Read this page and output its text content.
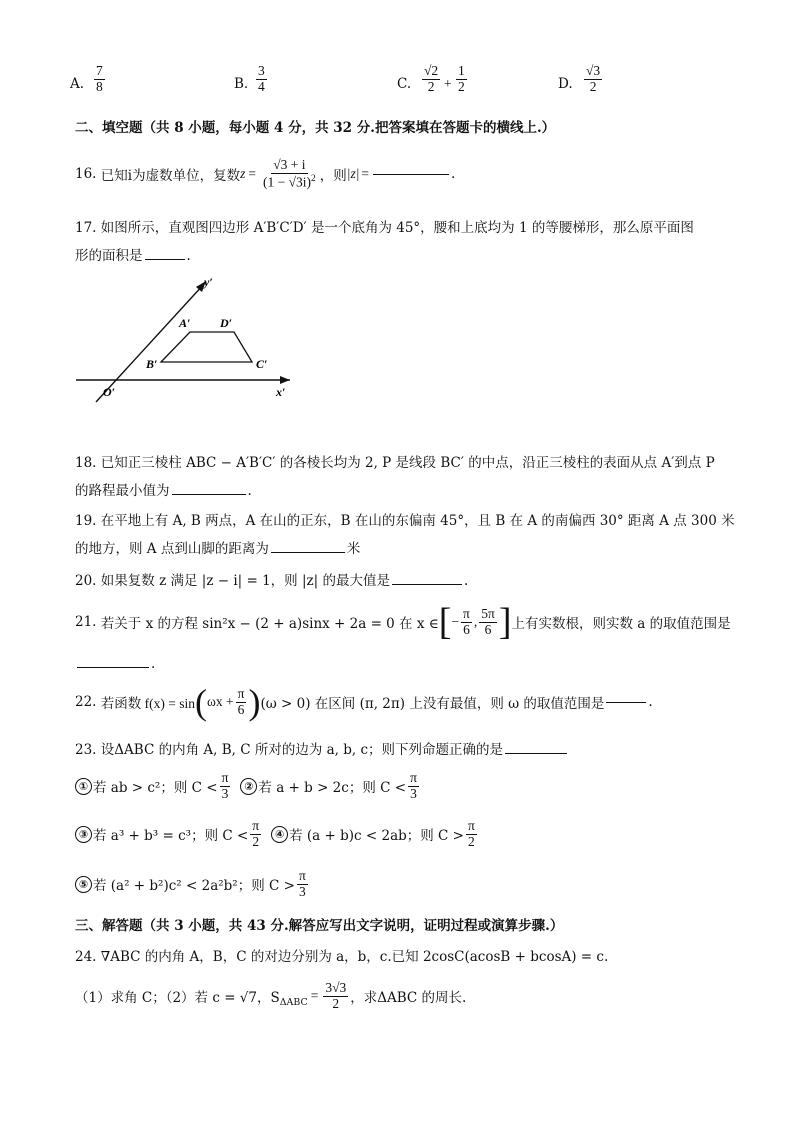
A. $\frac{7}{8}$	B. $\frac{3}{4}$	C. $\frac{√2}{2} + \frac{1}{2}$	D. $\frac{√3}{2}$
二、填空题（共 8 小题，每小题 4 分，共 32 分.把答案填在答题卡的横线上.）
16.
已知i为虚数单位，复数 $z = \frac{√3 + i}{(1 - √3i)^2}$ ，则 |z| =	.
17. 如图所示，直观图四边形 A′B′C′D′ 是一个底角为 45°，腰和上底均为 1 的等腰梯形，那么原平面图
形的面积是	.
y′
x′
O′
A′
B′	C′
D′
18. 已知正三棱柱 ABC − A′B′C′ 的各棱长均为 2, P 是线段 BC′ 的中点，沿正三棱柱的表面从点 A′到点 P
的路程最小值为	.
19. 在平地上有 A, B 两点，A 在山的正东，B 在山的东偏南 45°，且 B 在 A 的南偏西 30° 距离 A 点 300 米
的地方，则 A 点到山脚的距离为	米
20. 如果复数 z 满足 |z − i| = 1，则 |z| 的最大值是	.
21.
若关于 x 的方程 sin²x − (2 + a)sinx + 2a = 0 在 x ∈ [ − $\frac{\pi}{6}$ , $\frac{5\pi}{6}$ ] 上有实数根，则实数 a 的取值范围是
.
22.
若函数 f(x) = sin ( $\omega x + \frac{\pi}{6}$ ) (ω > 0) 在区间 (π, 2π) 上没有最值，则 ω 的取值范围是	.
23. 设ΔABC 的内角 A, B, C 所对的边为 a, b, c；则下列命题正确的是
① 若 ab > c²；则 $C < \frac{\pi}{3}$	② 若 a + b > 2c；则 $C < \frac{\pi}{3}$
③ 若 a³ + b³ = c³；则 $C < \frac{\pi}{2}$	④ 若 (a + b)c < 2ab；则 $C > \frac{\pi}{2}$
⑤ 若 (a² + b²)c² < 2a²b²；则 $C > \frac{\pi}{3}$
三、解答题（共 3 小题，共 43 分.解答应写出文字说明，证明过程或演算步骤.）
24. ∇ABC 的内角 A，B，C 的对边分别为 a，b，c.已知 2cosC(acosB + bcosA) = c.
（1）求角 C；（2）若 c = √7，$S_{\Delta ABC} = \frac{3√3}{2}$ ，求ΔABC 的周长.
